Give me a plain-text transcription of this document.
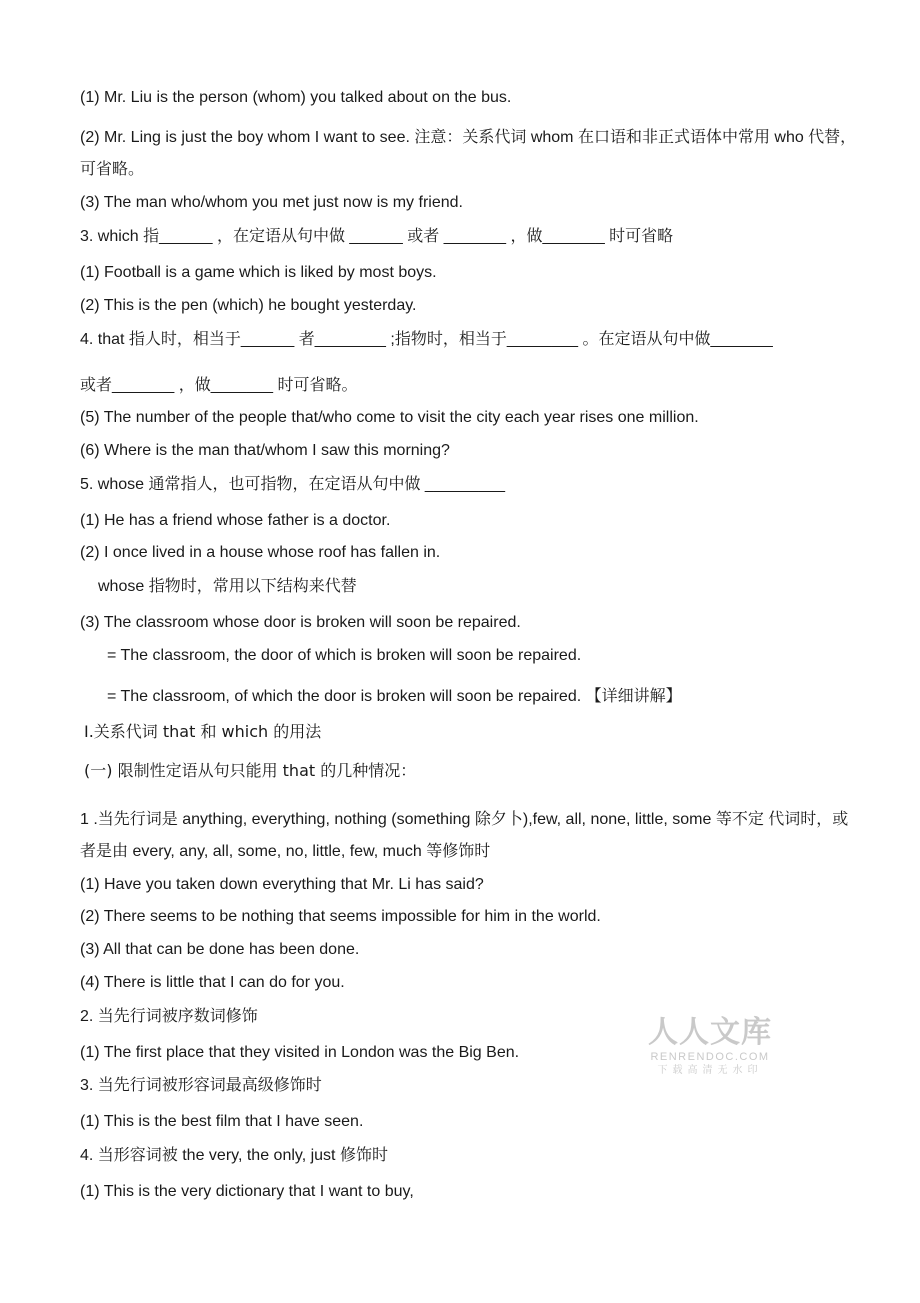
(1) Mr. Liu is the person (whom) you talked about on the bus.
(2) Mr. Ling is just the boy whom I want to see. 注意：关系代词 whom 在口语和非正式语体中常用 who 代替，可省略。
(3) The man who/whom you met just now is my friend.
3. which 指______ ，在定语从句中做 ______ 或者 _______ ，做_______ 时可省略
(1) Football is a game which is liked by most boys.
(2) This is the pen (which) he bought yesterday.
4. that 指人时，相当于______ 者________ ;指物时，相当于________ 。在定语从句中做_______
或者_______ ，做_______ 时可省略。
(5) The number of the people that/who come to visit the city each year rises one million.
(6) Where is the man that/whom I saw this morning?
5. whose 通常指人，也可指物，在定语从句中做 _________
(1) He has a friend whose father is a doctor.
(2) I once lived in a house whose roof has fallen in.
whose 指物时，常用以下结构来代替
(3) The classroom whose door is broken will soon be repaired.
= The classroom, the door of which is broken will soon be repaired.
= The classroom, of which the door is broken will soon be repaired. 【详细讲解】
Ⅰ.关系代词 that 和 which 的用法
(一) 限制性定语从句只能用 that 的几种情况：
1 .当先行词是 anything, everything, nothing (something 除夕卜),few, all, none, little, some 等不定 代词时，或者是由 every, any, all, some, no, little, few, much 等修饰时
(1) Have you taken down everything that Mr. Li has said?
(2) There seems to be nothing that seems impossible for him in the world.
(3) All that can be done has been done.
(4) There is little that I can do for you.
2. 当先行词被序数词修饰
(1) The first place that they visited in London was the Big Ben.
3. 当先行词被形容词最高级修饰时
(1) This is the best film that I have seen.
4. 当形容词被 the very, the only, just 修饰时
(1) This is the very dictionary that I want to buy,
人人文库
RENRENDOC.COM
下载高清无水印
